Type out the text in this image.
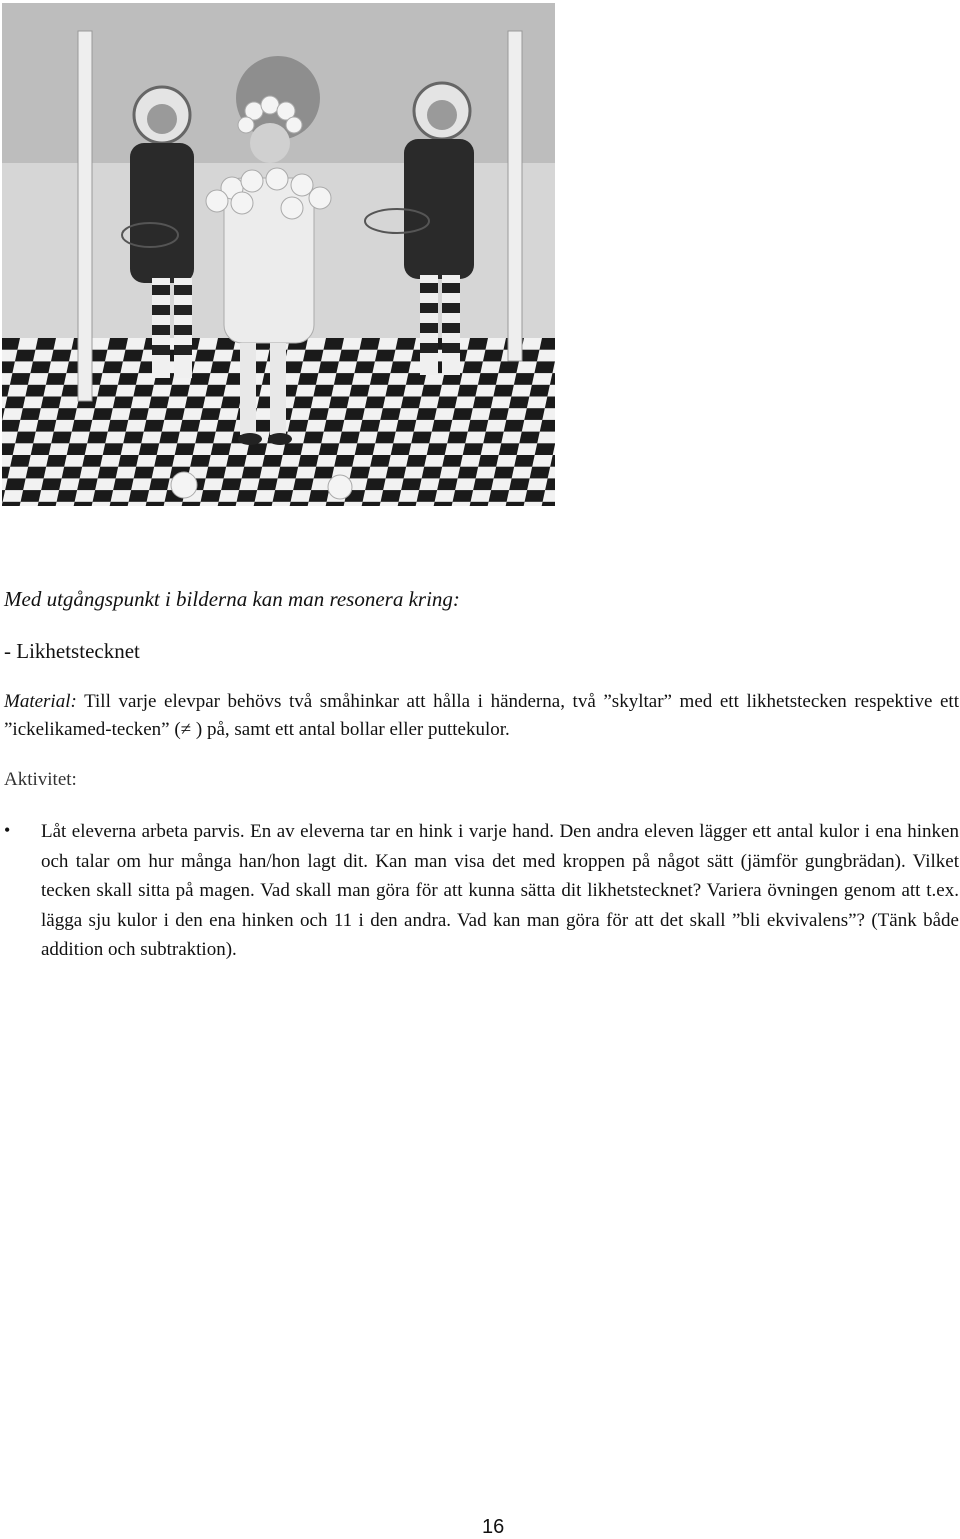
Med utgångspunkt i bilderna kan man resonera kring:

- Likhetstecknet

Material: Till varje elevpar behövs två småhinkar att hålla i händerna, två ”skyltar” med ett likhetstecken respektive ett ”ickelikamed-tecken” (≠ ) på, samt ett antal bollar eller puttekulor.

Aktivitet:

• Låt eleverna arbeta parvis. En av eleverna tar en hink i varje hand. Den andra eleven lägger ett antal kulor i ena hinken och talar om hur många han/hon lagt dit. Kan man visa det med kroppen på något sätt (jämför gungbrädan). Vilket tecken skall sitta på magen. Vad skall man göra för att kunna sätta dit likhetstecknet? Variera övningen genom att t.ex. lägga sju kulor i den ena hinken och 11 i den andra. Vad kan man göra för att det skall ”bli ekvivalens”? (Tänk både addition och subtraktion).

16
